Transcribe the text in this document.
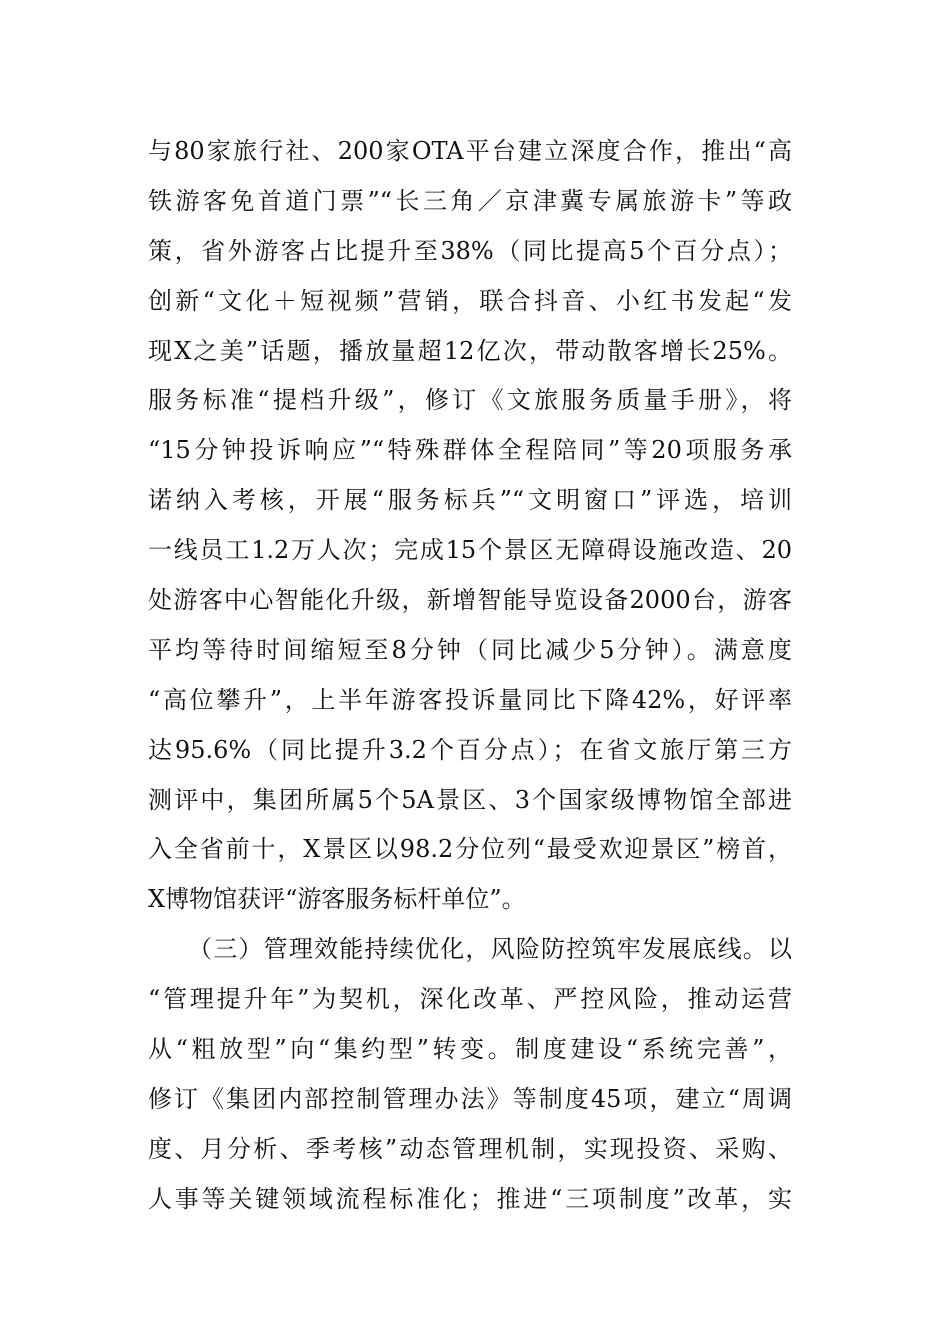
与80家旅行社、200家OTA平台建立深度合作，推出“高
铁游客免首道门票”“长三角／京津冀专属旅游卡”等政
策，省外游客占比提升至38%（同比提高5个百分点）；
创新“文化＋短视频”营销，联合抖音、小红书发起“发
现X之美”话题，播放量超12亿次，带动散客增长25%。
服务标准“提档升级”，修订《文旅服务质量手册》，将
“15分钟投诉响应”“特殊群体全程陪同”等20项服务承
诺纳入考核，开展“服务标兵”“文明窗口”评选，培训
一线员工1.2万人次；完成15个景区无障碍设施改造、20
处游客中心智能化升级，新增智能导览设备2000台，游客
平均等待时间缩短至8分钟（同比减少5分钟）。满意度
“高位攀升”，上半年游客投诉量同比下降42%，好评率
达95.6%（同比提升3.2个百分点）；在省文旅厅第三方
测评中，集团所属5个5A景区、3个国家级博物馆全部进
入全省前十，X景区以98.2分位列“最受欢迎景区”榜首，
X博物馆获评“游客服务标杆单位”。
（三）管理效能持续优化，风险防控筑牢发展底线。以
“管理提升年”为契机，深化改革、严控风险，推动运营
从“粗放型”向“集约型”转变。制度建设“系统完善”，
修订《集团内部控制管理办法》等制度45项，建立“周调
度、月分析、季考核”动态管理机制，实现投资、采购、
人事等关键领域流程标准化；推进“三项制度”改革，实
